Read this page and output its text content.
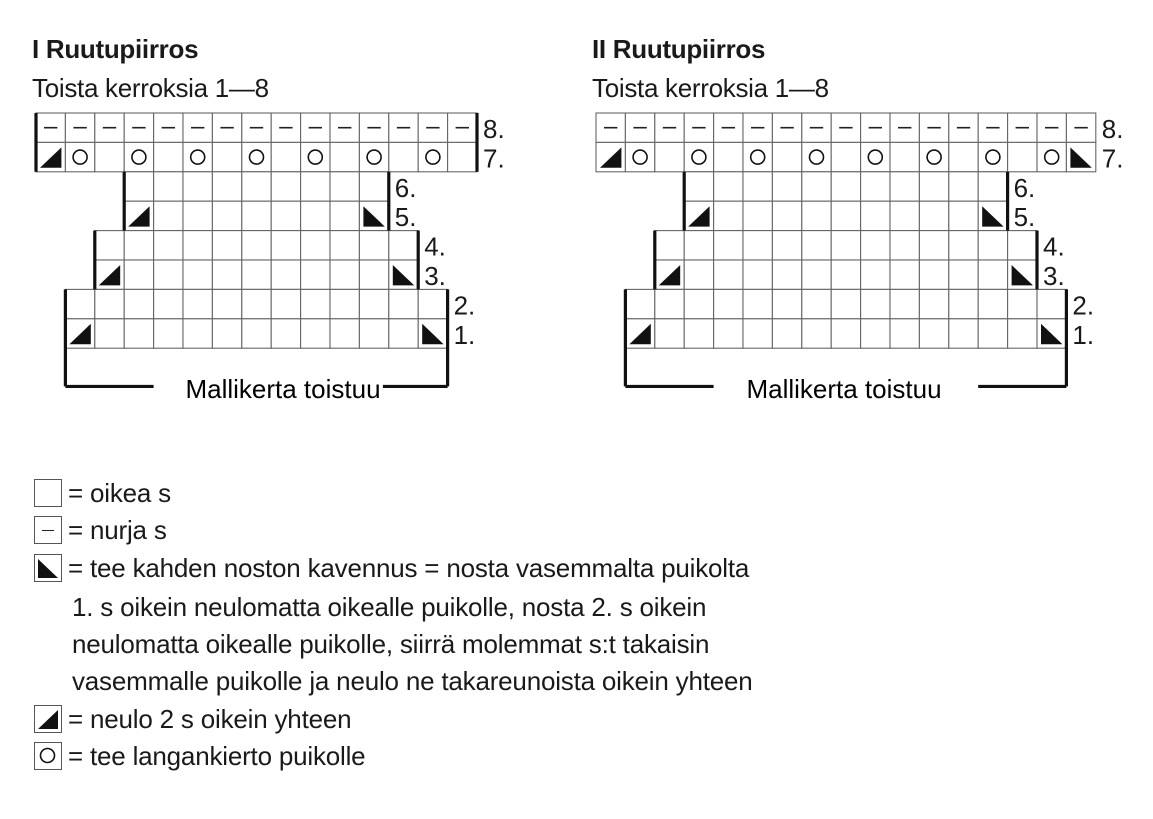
I Ruutupiirros
Toista kerroksia 1—8
II Ruutupiirros
Toista kerroksia 1—8
8.
7.
6.
5.
4.
3.
2.
1.
8.
7.
6.
5.
4.
3.
2.
1.
Mallikerta toistuu	Mallikerta toistuu
= oikea s
= nurja s
= tee kahden noston kavennus = nosta vasemmalta puikolta
1. s oikein neulomatta oikealle puikolle, nosta 2. s oikein
neulomatta oikealle puikolle, siirrä molemmat s:t takaisin
vasemmalle puikolle ja neulo ne takareunoista oikein yhteen
= neulo 2 s oikein yhteen
= tee langankierto puikolle
